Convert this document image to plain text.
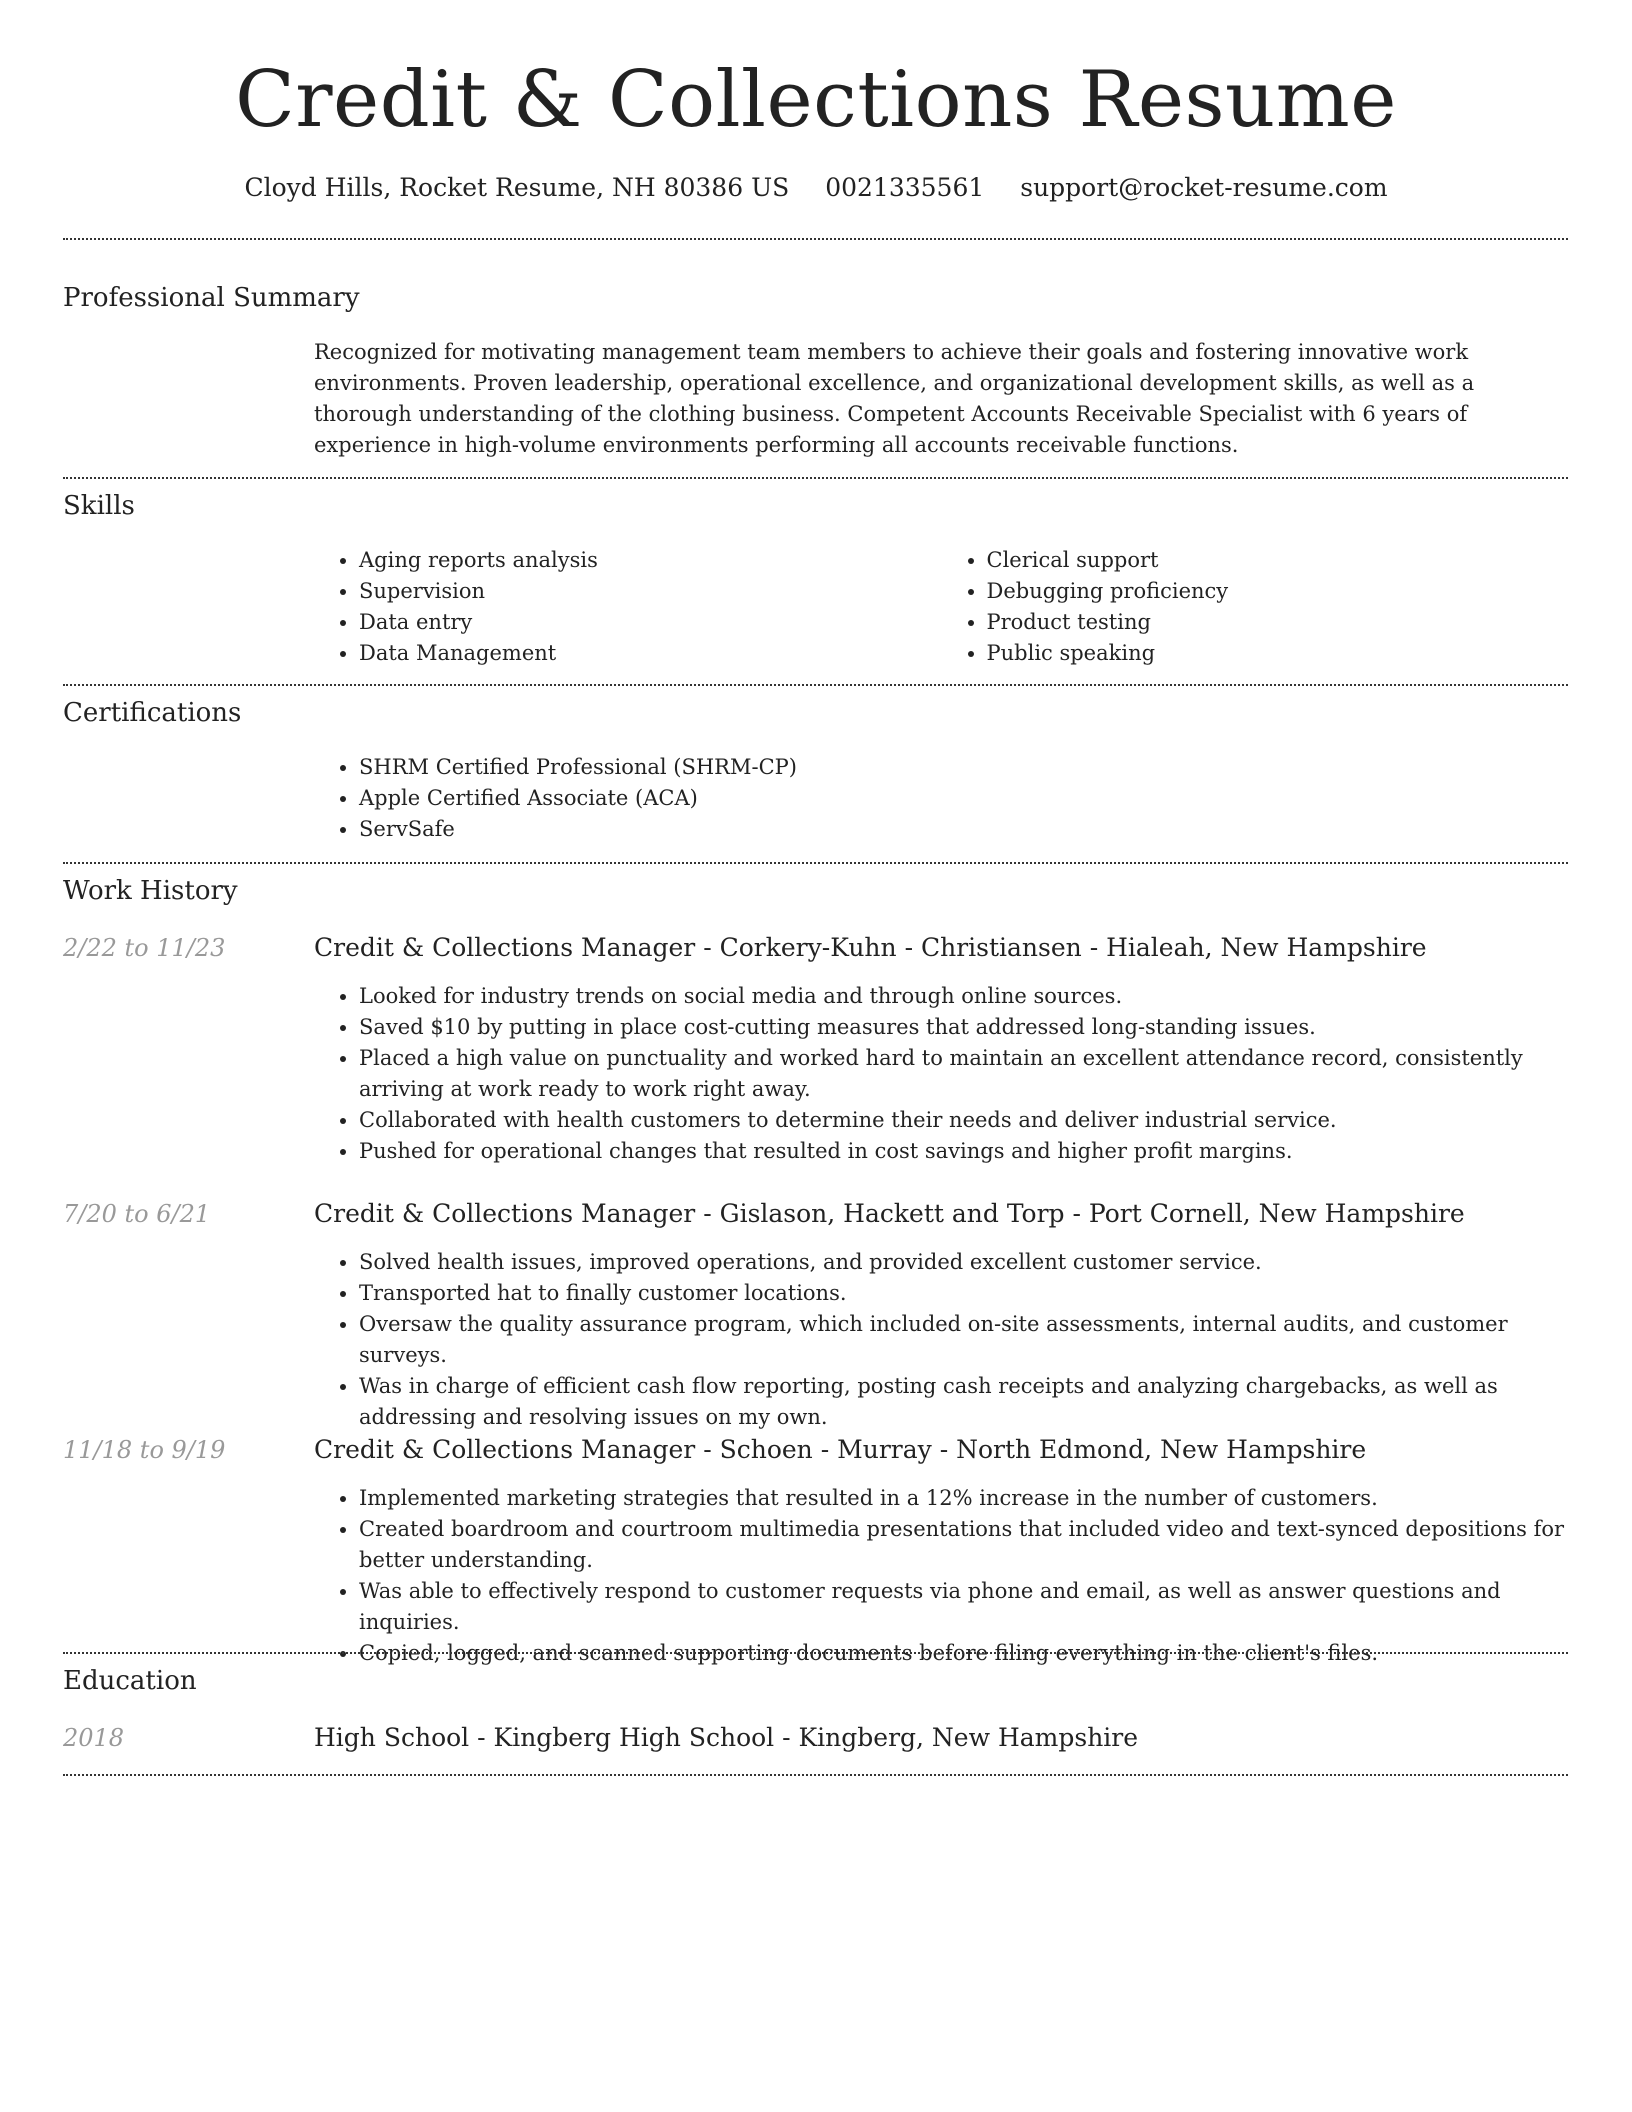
Credit & Collections Resume
Cloyd Hills, Rocket Resume, NH 80386 US 0021335561 support@rocket-resume.com
Professional Summary

Recognized for motivating management team members to achieve their goals and fostering innovative work environments. Proven leadership, operational excellence, and organizational development skills, as well as a thorough understanding of the clothing business. Competent Accounts Receivable Specialist with 6 years of experience in high-volume environments performing all accounts receivable functions.

Skills
• Aging reports analysis
• Supervision
• Data entry
• Data Management
• Clerical support
• Debugging proficiency
• Product testing
• Public speaking
Certifications
• SHRM Certified Professional (SHRM-CP)
• Apple Certified Associate (ACA)
• ServSafe
Work History
2/22 to 11/23	Credit & Collections Manager - Corkery-Kuhn - Christiansen - Hialeah, New Hampshire
• Looked for industry trends on social media and through online sources.
• Saved $10 by putting in place cost-cutting measures that addressed long-standing issues.
• Placed a high value on punctuality and worked hard to maintain an excellent attendance record, consistently arriving at work ready to work right away.
• Collaborated with health customers to determine their needs and deliver industrial service.
• Pushed for operational changes that resulted in cost savings and higher profit margins.
7/20 to 6/21	Credit & Collections Manager - Gislason, Hackett and Torp - Port Cornell, New Hampshire
• Solved health issues, improved operations, and provided excellent customer service.
• Transported hat to finally customer locations.
• Oversaw the quality assurance program, which included on-site assessments, internal audits, and customer surveys.
• Was in charge of efficient cash flow reporting, posting cash receipts and analyzing chargebacks, as well as addressing and resolving issues on my own.
11/18 to 9/19	Credit & Collections Manager - Schoen - Murray - North Edmond, New Hampshire
• Implemented marketing strategies that resulted in a 12% increase in the number of customers.
• Created boardroom and courtroom multimedia presentations that included video and text-synced depositions for better understanding.
• Was able to effectively respond to customer requests via phone and email, as well as answer questions and inquiries.
• Copied, logged, and scanned supporting documents before filing everything in the client's files.
Education
2018	High School - Kingberg High School - Kingberg, New Hampshire
